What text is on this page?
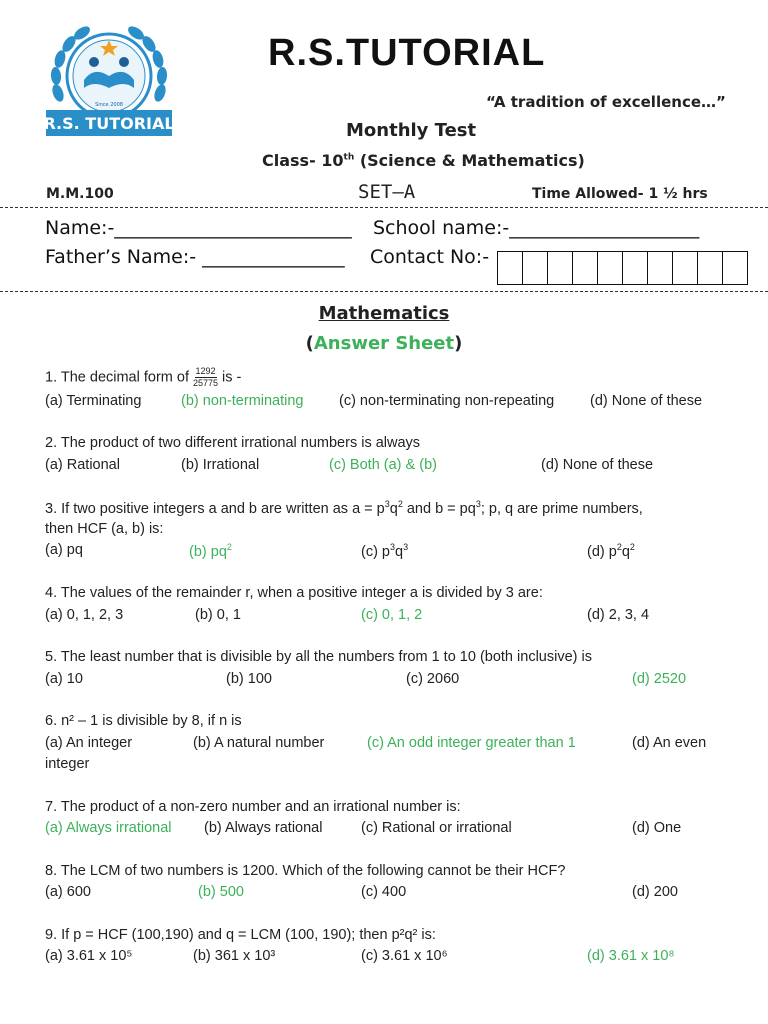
Since 2008
R.S. TUTORIAL
R.S.TUTORIAL
“A tradition of excellence…”
Monthly Test
Class- 10th (Science & Mathematics)
M.M.100	SET–A	Time Allowed- 1 ½ hrs
Name:-_________________________ School name:-____________________
Father’s Name:- _______________ Contact No:-
Mathematics
(Answer Sheet)
1. The decimal form of $\frac{1292}{25775}$ is -
(a) Terminating	(b) non-terminating (c) non-terminating non-repeating (d) None of these
2. The product of two different irrational numbers is always
(a) Rational	(b) Irrational	(c) Both (a) & (b)	(d) None of these
3. If two positive integers a and b are written as $a = p^3q^2$ and $b = pq^3$; p, q are prime numbers,
then HCF (a, b) is:
(a) pq	(b) $pq^2$	(c) $p^3q^3$	(d) $p^2q^2$
4. The values of the remainder r, when a positive integer a is divided by 3 are:
(a) 0, 1, 2, 3	(b) 0, 1	(c) 0, 1, 2	(d) 2, 3, 4
5. The least number that is divisible by all the numbers from 1 to 10 (both inclusive) is
(a) 10	(b) 100	(c) 2060	(d) 2520
6. n² – 1 is divisible by 8, if n is
(a) An integer	(b) A natural number	(c) An odd integer greater than 1	(d) An even
integer
7. The product of a non-zero number and an irrational number is:
(a) Always irrational (b) Always rational	(c) Rational or irrational	(d) One
8. The LCM of two numbers is 1200. Which of the following cannot be their HCF?
(a) 600	(b) 500	(c) 400	(d) 200
9. If p = HCF (100,190) and q = LCM (100, 190); then p²q² is:
(a) 3.61 x 10⁵	(b) 361 x 10³	(c) 3.61 x 10⁶	(d) 3.61 x 10⁸
